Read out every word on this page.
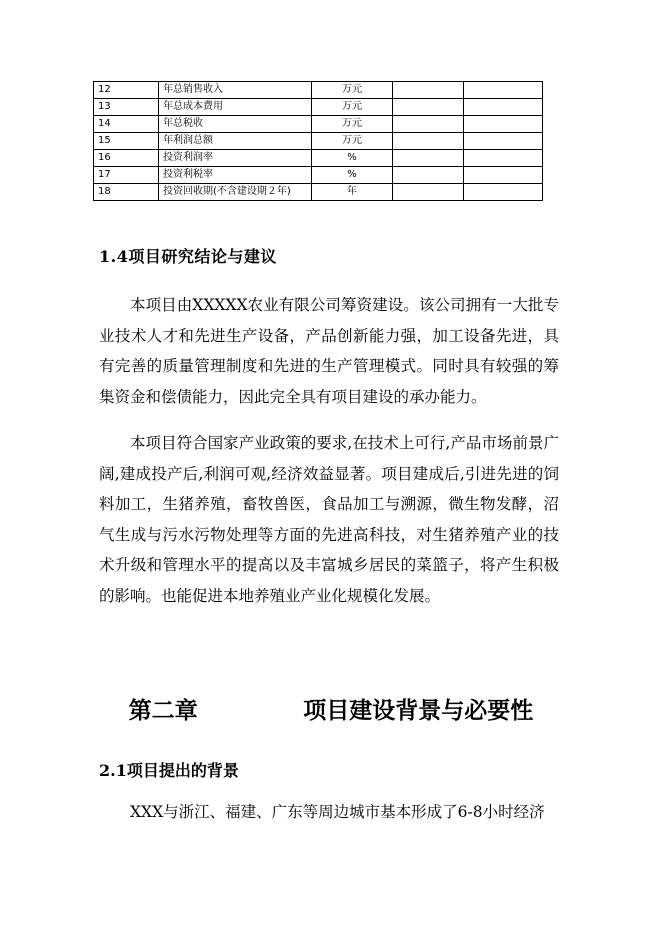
12	年总销售收入	万元		
13	年总成本费用	万元		
14	年总税收	万元		
15	年利润总额	万元		
16	投资利润率	%		
17	投资利税率	%		
18	投资回收期(不含建设期２年)	年		
1.4项目研究结论与建议

本项目由XXXXX农业有限公司筹资建设。该公司拥有一大批专业技术人才和先进生产设备，产品创新能力强，加工设备先进，具有完善的质量管理制度和先进的生产管理模式。同时具有较强的筹集资金和偿债能力，因此完全具有项目建设的承办能力。

本项目符合国家产业政策的要求,在技术上可行,产品市场前景广阔,建成投产后,利润可观,经济效益显著。项目建成后,引进先进的饲料加工，生猪养殖，畜牧兽医，食品加工与溯源，微生物发酵，沼气生成与污水污物处理等方面的先进高科技，对生猪养殖产业的技术升级和管理水平的提高以及丰富城乡居民的菜篮子，将产生积极的影响。也能促进本地养殖业产业化规模化发展。

第二章    项目建设背景与必要性
2.1项目提出的背景

XXX与浙江、福建、广东等周边城市基本形成了6-8小时经济
